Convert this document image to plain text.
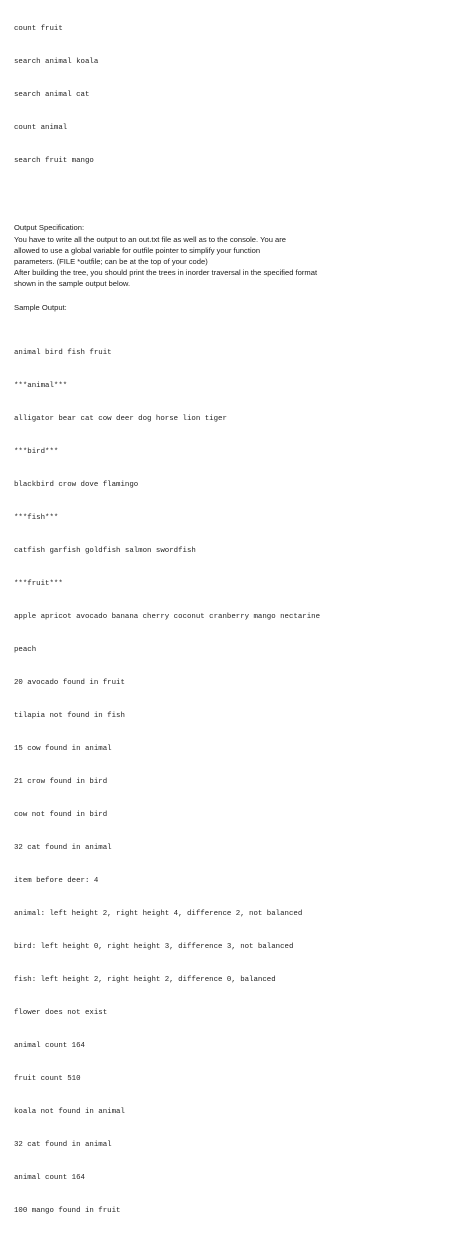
count fruit

search animal koala

search animal cat

count animal

search fruit mango

Output Specification:
You have to write all the output to an out.txt file as well as to the console. You are
allowed to use a global variable for outfile pointer to simplify your function
parameters. (FILE *outfile; can be at the top of your code)
After building the tree, you should print the trees in inorder traversal in the specified format
shown in the sample output below.
Sample Output:

animal bird fish fruit

***animal***

alligator bear cat cow deer dog horse lion tiger

***bird***

blackbird crow dove flamingo

***fish***

catfish garfish goldfish salmon swordfish

***fruit***

apple apricot avocado banana cherry coconut cranberry mango nectarine

peach

20 avocado found in fruit

tilapia not found in fish

15 cow found in animal

21 crow found in bird

cow not found in bird

32 cat found in animal

item before deer: 4

animal: left height 2, right height 4, difference 2, not balanced

bird: left height 0, right height 3, difference 3, not balanced

fish: left height 2, right height 2, difference 0, balanced

flower does not exist

animal count 164

fruit count 510

koala not found in animal

32 cat found in animal

animal count 164

100 mango found in fruit
